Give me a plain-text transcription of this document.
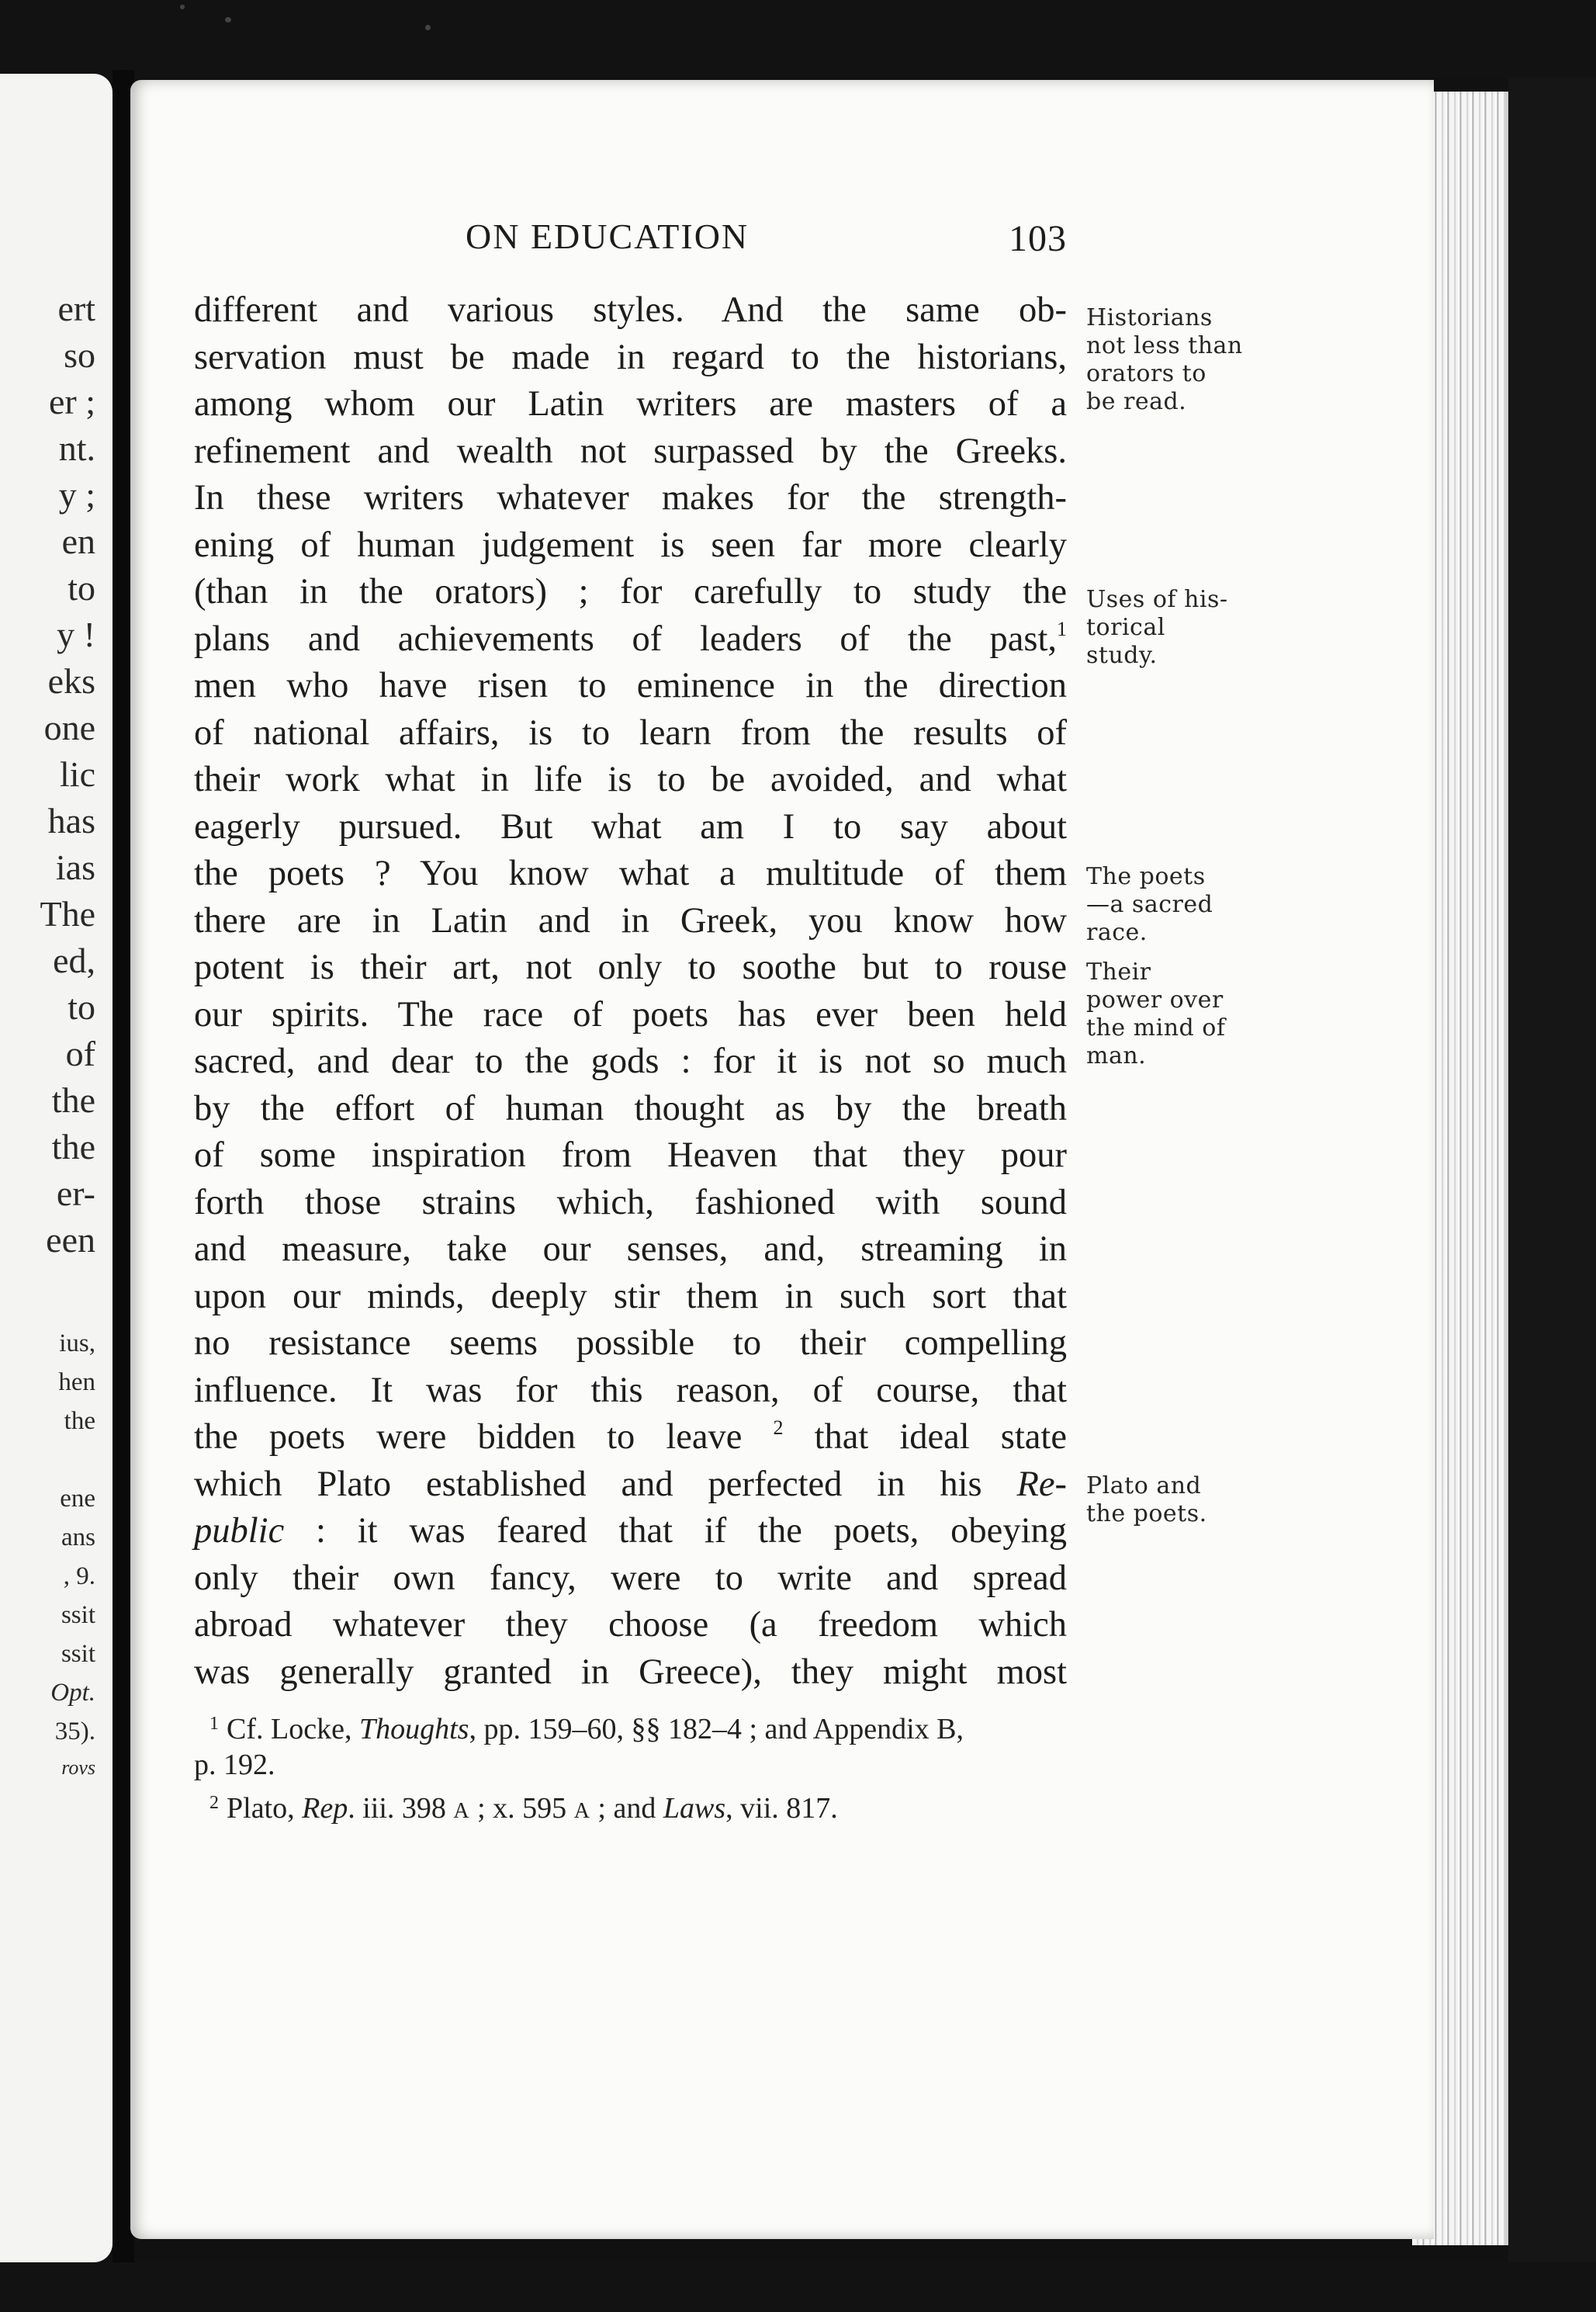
ert
so
er ;
nt.
y ;
en
to
y !
eks
one
lic
has
ias
The
ed,
to
of
the
the
er-
een
ius,
hen
the
ene
ans
, 9.
ssit
ssit
Opt.
35).
rovs
ON EDUCATION	103
different and various styles. And the same ob-
servation must be made in regard to the historians,
among whom our Latin writers are masters of a
refinement and wealth not surpassed by the Greeks.
In these writers whatever makes for the strength-
ening of human judgement is seen far more clearly
(than in the orators) ; for carefully to study the
plans and achievements of leaders of the past,$^1$
men who have risen to eminence in the direction
of national affairs, is to learn from the results of
their work what in life is to be avoided, and what
eagerly pursued. But what am I to say about
the poets ? You know what a multitude of them
there are in Latin and in Greek, you know how
potent is their art, not only to soothe but to rouse
our spirits. The race of poets has ever been held
sacred, and dear to the gods : for it is not so much
by the effort of human thought as by the breath
of some inspiration from Heaven that they pour
forth those strains which, fashioned with sound
and measure, take our senses, and, streaming in
upon our minds, deeply stir them in such sort that
no resistance seems possible to their compelling
influence. It was for this reason, of course, that
the poets were bidden to leave $^2$ that ideal state
which Plato established and perfected in his Re-
public : it was feared that if the poets, obeying
only their own fancy, were to write and spread
abroad whatever they choose (a freedom which
was generally granted in Greece), they might most
Historians
not less than
orators to
be read.
Uses of his-
torical
study.
The poets
—a sacred
race.
Their
power over
the mind of
man.
Plato and
the poets.
$^1$ Cf. Locke, Thoughts, pp. 159–60, §§ 182–4 ; and Appendix B,
p. 192.
$^2$ Plato, Rep. iii. 398 A ; x. 595 A ; and Laws, vii. 817.
